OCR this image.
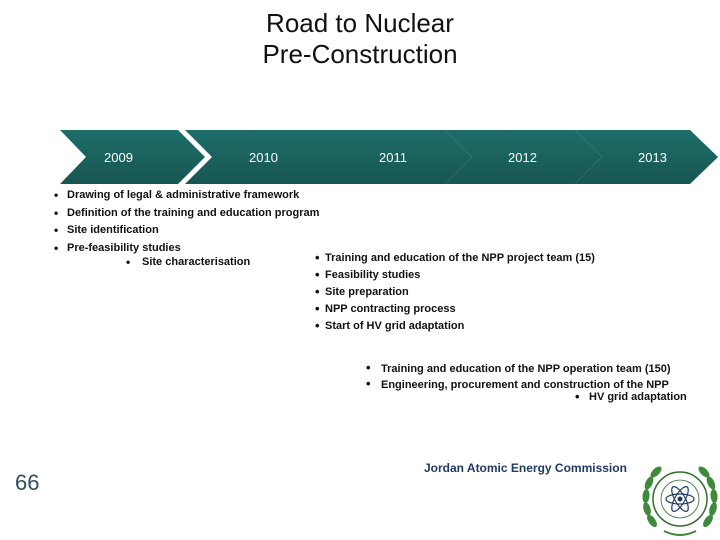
Road to Nuclear
Pre-Construction
2009	2010	2011	2012	2013
• Drawing of legal & administrative framework
• Definition of the training and education program
• Site identification
• Pre-feasibility studies
• Site characterisation
•	Training and education of the NPP project team (15)
• Feasibility studies
• Site preparation
• NPP contracting process
• Start of HV grid adaptation
• Training and education of the NPP operation team (150)
• Engineering, procurement and construction of the NPP
• HV grid adaptation
66
Jordan Atomic Energy Commission
